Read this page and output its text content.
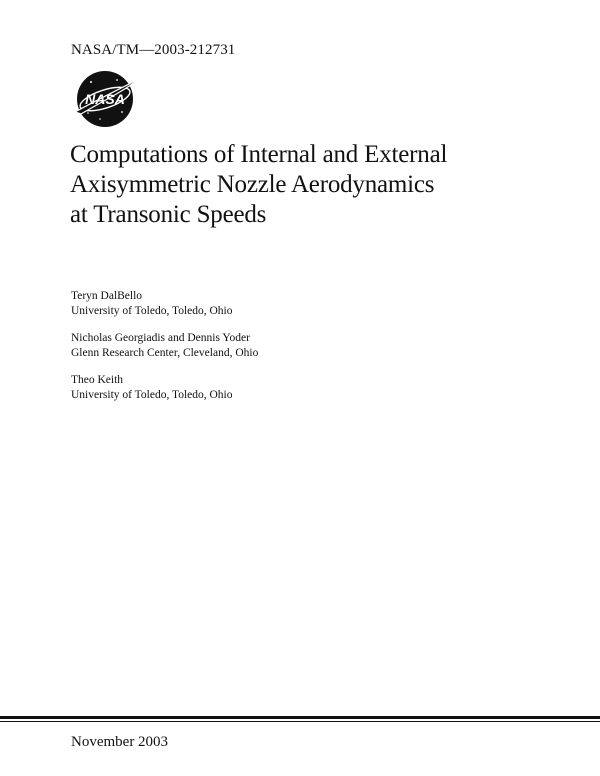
NASA/TM—2003-212731
NASA
Computations of Internal and External
Axisymmetric Nozzle Aerodynamics
at Transonic Speeds
Teryn DalBello
University of Toledo, Toledo, Ohio
Nicholas Georgiadis and Dennis Yoder
Glenn Research Center, Cleveland, Ohio
Theo Keith
University of Toledo, Toledo, Ohio
November 2003
